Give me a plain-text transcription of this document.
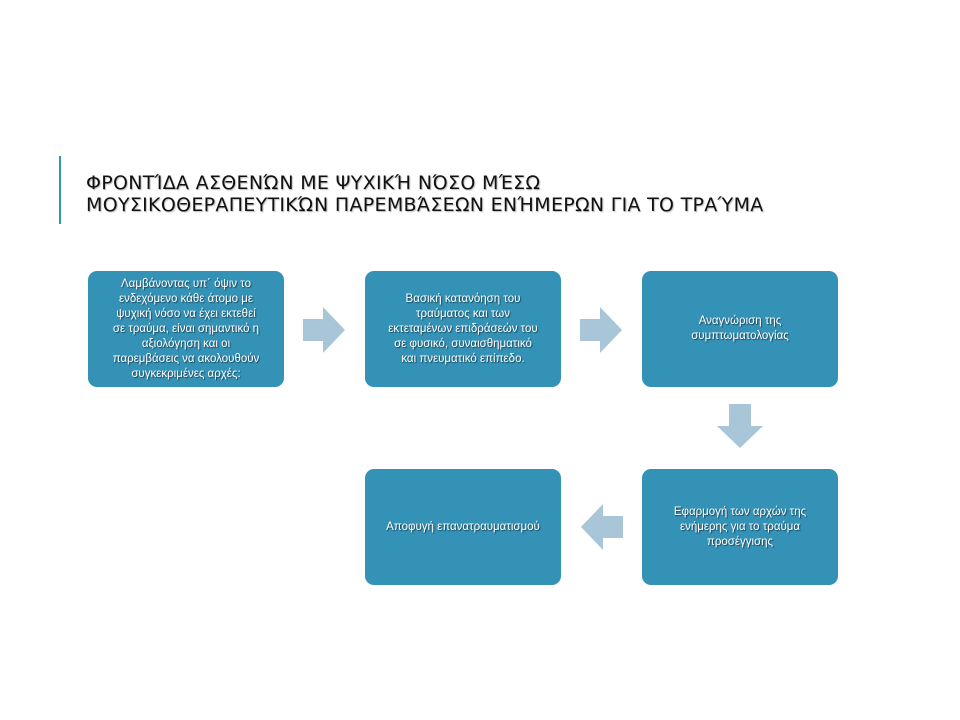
ΦΡΟΝΤΊΔΑ ΑΣΘΕΝΏΝ ΜΕ ΨΥΧΙΚΉ ΝΌΣΟ ΜΈΣΩ
ΜΟΥΣΙΚΟΘΕΡΑΠΕΥΤΙΚΏΝ ΠΑΡΕΜΒΆΣΕΩΝ ΕΝΉΜΕΡΩΝ ΓΙΑ ΤΟ ΤΡΑΎΜΑ
Λαμβάνοντας υπ΄ όψιν το
ενδεχόμενο κάθε άτομο με
ψυχική νόσο να έχει εκτεθεί
σε τραύμα, είναι σημαντικό η
αξιολόγηση και οι
παρεμβάσεις να ακολουθούν
συγκεκριμένες αρχές:
Βασική κατανόηση του
τραύματος και των
εκτεταμένων επιδράσεών του
σε φυσικό, συναισθηματικό
και πνευματικό επίπεδο.
Αναγνώριση της
συμπτωματολογίας
Εφαρμογή των αρχών της
ενήμερης για το τραύμα
προσέγγισης
Αποφυγή επανατραυματισμού
